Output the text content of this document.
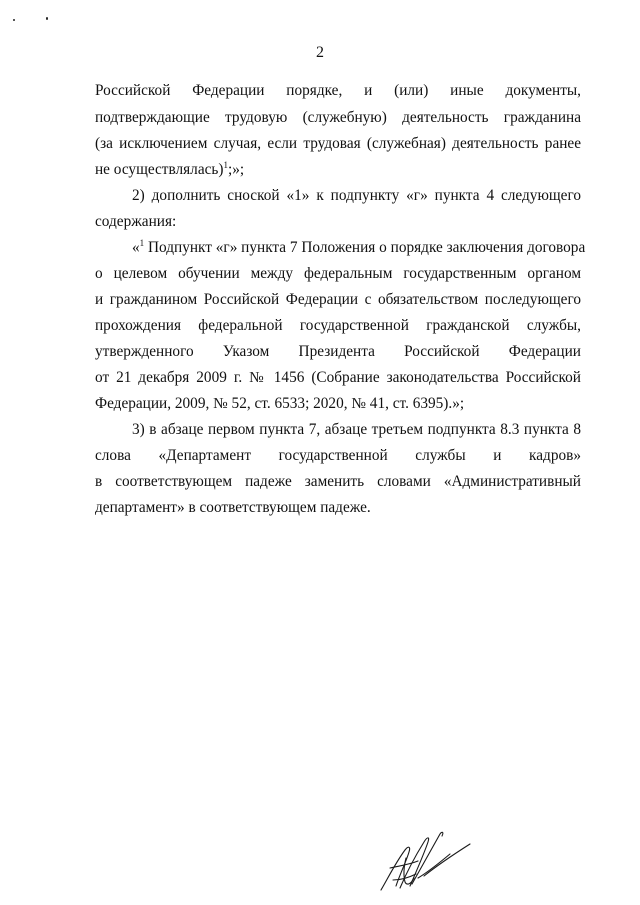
2
Российской Федерации порядке, и (или) иные документы,
подтверждающие трудовую (служебную) деятельность гражданина
(за исключением случая, если трудовая (служебная) деятельность ранее
не осуществлялась)$^1$;»;
2) дополнить сноской «1» к подпункту «г» пункта 4 следующего
содержания:
«$^1$ Подпункт «г» пункта 7 Положения о порядке заключения договора
о целевом обучении между федеральным государственным органом
и гражданином Российской Федерации с обязательством последующего
прохождения федеральной государственной гражданской службы,
утвержденного Указом Президента Российской Федерации
от 21 декабря 2009 г. № 1456 (Собрание законодательства Российской
Федерации, 2009, № 52, ст. 6533; 2020, № 41, ст. 6395).»;
3) в абзаце первом пункта 7, абзаце третьем подпункта 8.3 пункта 8
слова «Департамент государственной службы и кадров»
в соответствующем падеже заменить словами «Административный
департамент» в соответствующем падеже.
